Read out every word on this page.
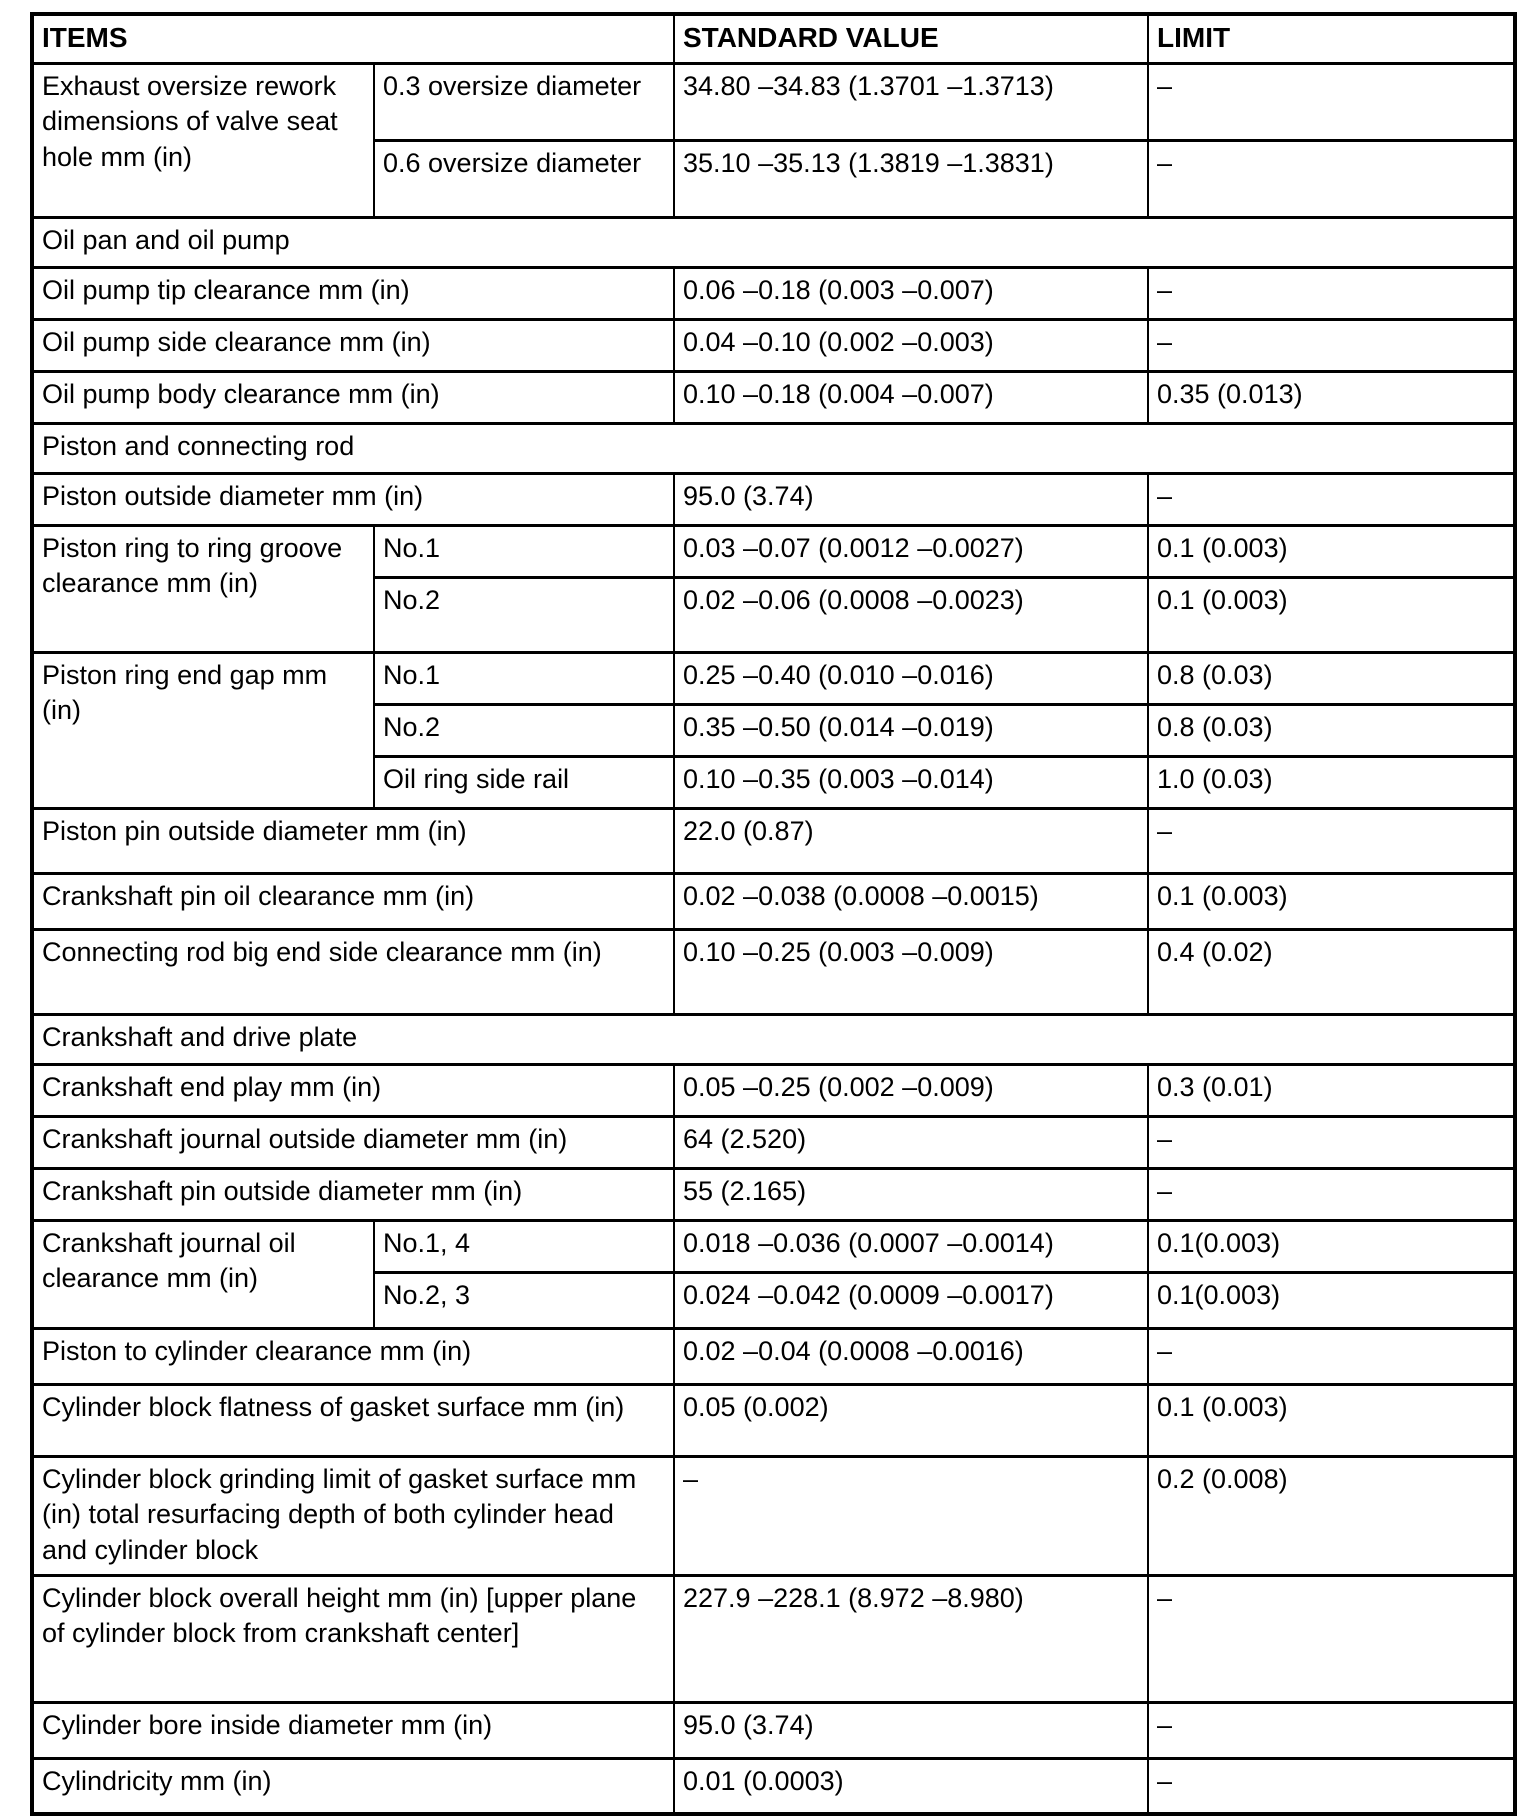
ITEMS		STANDARD VALUE	LIMIT
Exhaust oversize rework dimensions of valve seat hole mm (in)	0.3 oversize diameter	34.80 –34.83 (1.3701 –1.3713)	–
	0.6 oversize diameter	35.10 –35.13 (1.3819 –1.3831)	–
Oil pan and oil pump			
Oil pump tip clearance mm (in)		0.06 –0.18 (0.003 –0.007)	–
Oil pump side clearance mm (in)		0.04 –0.10 (0.002 –0.003)	–
Oil pump body clearance mm (in)		0.10 –0.18 (0.004 –0.007)	0.35 (0.013)
Piston and connecting rod			
Piston outside diameter mm (in)		95.0 (3.74)	–
Piston ring to ring groove clearance mm (in)	No.1	0.03 –0.07 (0.0012 –0.0027)	0.1 (0.003)
	No.2	0.02 –0.06 (0.0008 –0.0023)	0.1 (0.003)
Piston ring end gap mm (in)	No.1	0.25 –0.40 (0.010 –0.016)	0.8 (0.03)
	No.2	0.35 –0.50 (0.014 –0.019)	0.8 (0.03)
	Oil ring side rail	0.10 –0.35 (0.003 –0.014)	1.0 (0.03)
Piston pin outside diameter mm (in)		22.0 (0.87)	–
Crankshaft pin oil clearance mm (in)		0.02 –0.038 (0.0008 –0.0015)	0.1 (0.003)
Connecting rod big end side clearance mm (in)		0.10 –0.25 (0.003 –0.009)	0.4 (0.02)
Crankshaft and drive plate			
Crankshaft end play mm (in)		0.05 –0.25 (0.002 –0.009)	0.3 (0.01)
Crankshaft journal outside diameter mm (in)		64 (2.520)	–
Crankshaft pin outside diameter mm (in)		55 (2.165)	–
Crankshaft journal oil clearance mm (in)	No.1, 4	0.018 –0.036 (0.0007 –0.0014)	0.1(0.003)
	No.2, 3	0.024 –0.042 (0.0009 –0.0017)	0.1(0.003)
Piston to cylinder clearance mm (in)		0.02 –0.04 (0.0008 –0.0016)	–
Cylinder block flatness of gasket surface mm (in)		0.05 (0.002)	0.1 (0.003)
Cylinder block grinding limit of gasket surface mm (in) total resurfacing depth of both cylinder head and cylinder block		–	0.2 (0.008)
Cylinder block overall height mm (in) [upper plane of cylinder block from crankshaft center]		227.9 –228.1 (8.972 –8.980)	–
Cylinder bore inside diameter mm (in)		95.0 (3.74)	–
Cylindricity mm (in)		0.01 (0.0003)	–
